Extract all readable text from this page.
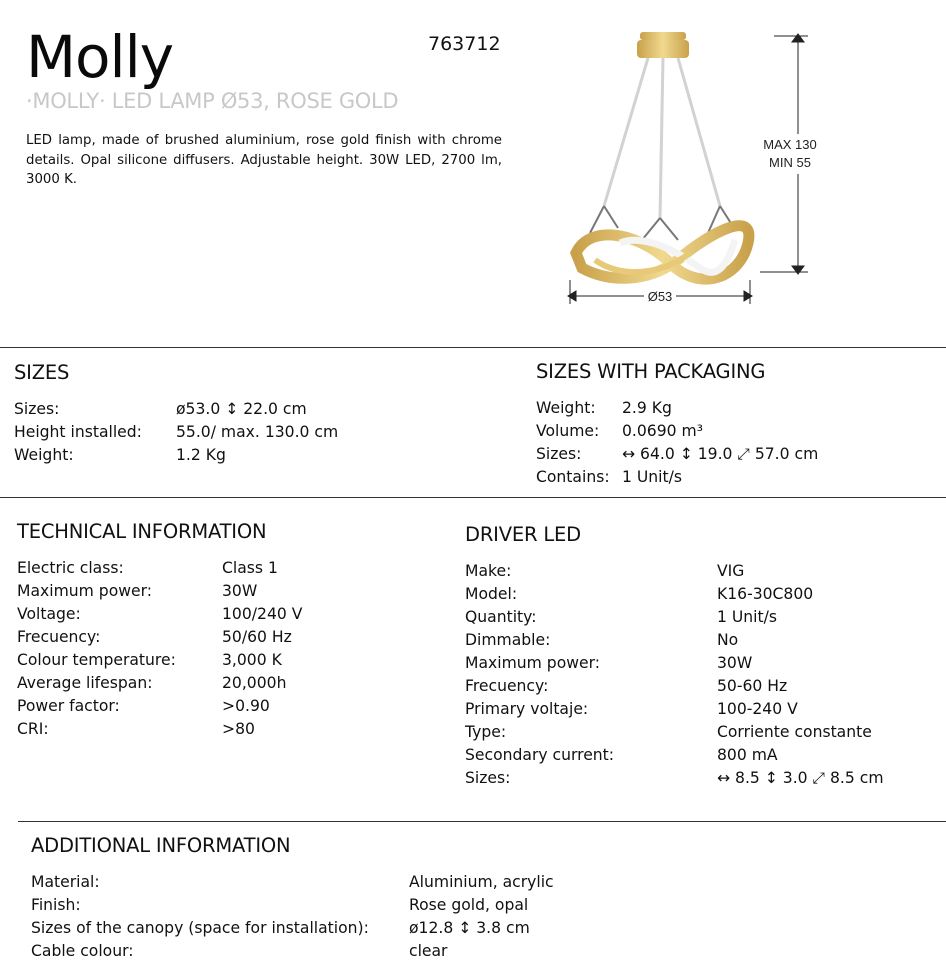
Molly	763712
·MOLLY· LED LAMP Ø53, ROSE GOLD
LED lamp, made of brushed aluminium, rose gold finish with chrome details. Opal silicone diffusers. Adjustable height. 30W LED, 2700 lm, 3000 K.
MAX 130
MIN 55
Ø53
SIZES
Sizes:	ø53.0 ↕ 22.0 cm
Height installed: 55.0/ max. 130.0 cm
Weight:	1.2 Kg
SIZES WITH PACKAGING
Weight: 2.9 Kg
Volume: 0.0690 m³
Sizes:	↔ 64.0 ↕ 19.0 ⤢ 57.0 cm
Contains: 1 Unit/s
TECHNICAL INFORMATION
Electric class:	Class 1
Maximum power:	30W
Voltage:	100/240 V
Frecuency:	50/60 Hz
Colour temperature:	3,000 K
Average lifespan:	20,000h
Power factor:	>0.90
CRI:	>80
DRIVER LED
Make:	VIG
Model:	K16-30C800
Quantity:	1 Unit/s
Dimmable:	No
Maximum power:	30W
Frecuency:	50-60 Hz
Primary voltaje:	100-240 V
Type:	Corriente constante
Secondary current:	800 mA
Sizes:	↔ 8.5 ↕ 3.0 ⤢ 8.5 cm
ADDITIONAL INFORMATION
Material:	Aluminium, acrylic
Finish:	Rose gold, opal
Sizes of the canopy (space for installation):	ø12.8 ↕ 3.8 cm
Cable colour:	clear
